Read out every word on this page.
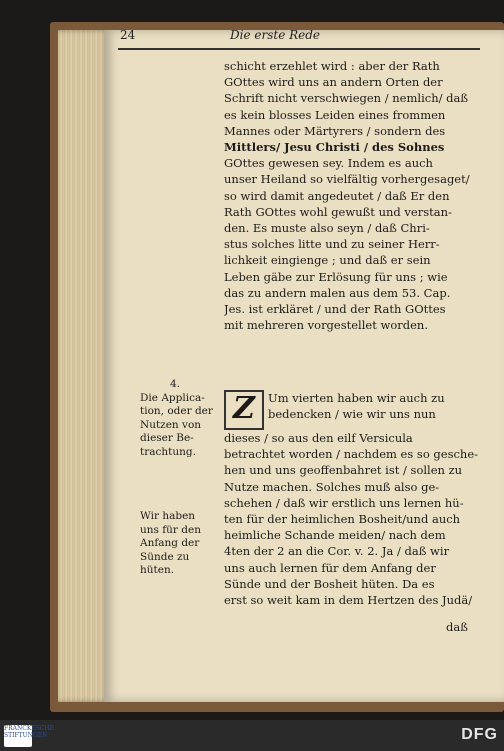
24	Die erste Rede
schicht erzehlet wird : aber der Rath
GOttes wird uns an andern Orten der
Schrift nicht verschwiegen / nemlich/ daß
es kein blosses Leiden eines frommen
Mannes oder Märtyrers / sondern des
Mittlers/ Jesu Christi / des Sohnes
GOttes gewesen sey. Indem es auch
unser Heiland so vielfältig vorhergesaget/
so wird damit angedeutet / daß Er den
Rath GOttes wohl gewußt und verstan-
den. Es muste also seyn / daß Chri-
stus solches litte und zu seiner Herr-
lichkeit eingienge ; und daß er sein
Leben gäbe zur Erlösung für uns ; wie
das zu andern malen aus dem 53. Cap.
Jes. ist erkläret / und der Rath GOttes
mit mehreren vorgestellet worden.
4.
Die Applica-
tion, oder der
Nutzen von
dieser Be-
trachtung.
Z	Um vierten haben wir auch zu
bedencken / wie wir uns nun
dieses / so aus den eilf Versicula
betrachtet worden / nachdem es so gesche-
hen und uns geoffenbahret ist / sollen zu
Nutze machen. Solches muß also ge-
schehen / daß wir erstlich uns lernen hü-
ten für der heimlichen Bosheit/und auch
heimliche Schande meiden/ nach dem
4ten der 2 an die Cor. v. 2. Ja / daß wir
uns auch lernen für dem Anfang der
Sünde und der Bosheit hüten. Da es
erst so weit kam in dem Hertzen des Judä/
Wir haben
uns für den
Anfang der
Sünde zu
hüten.
daß
FRANCKESCHE STIFTUNGEN	DFG
